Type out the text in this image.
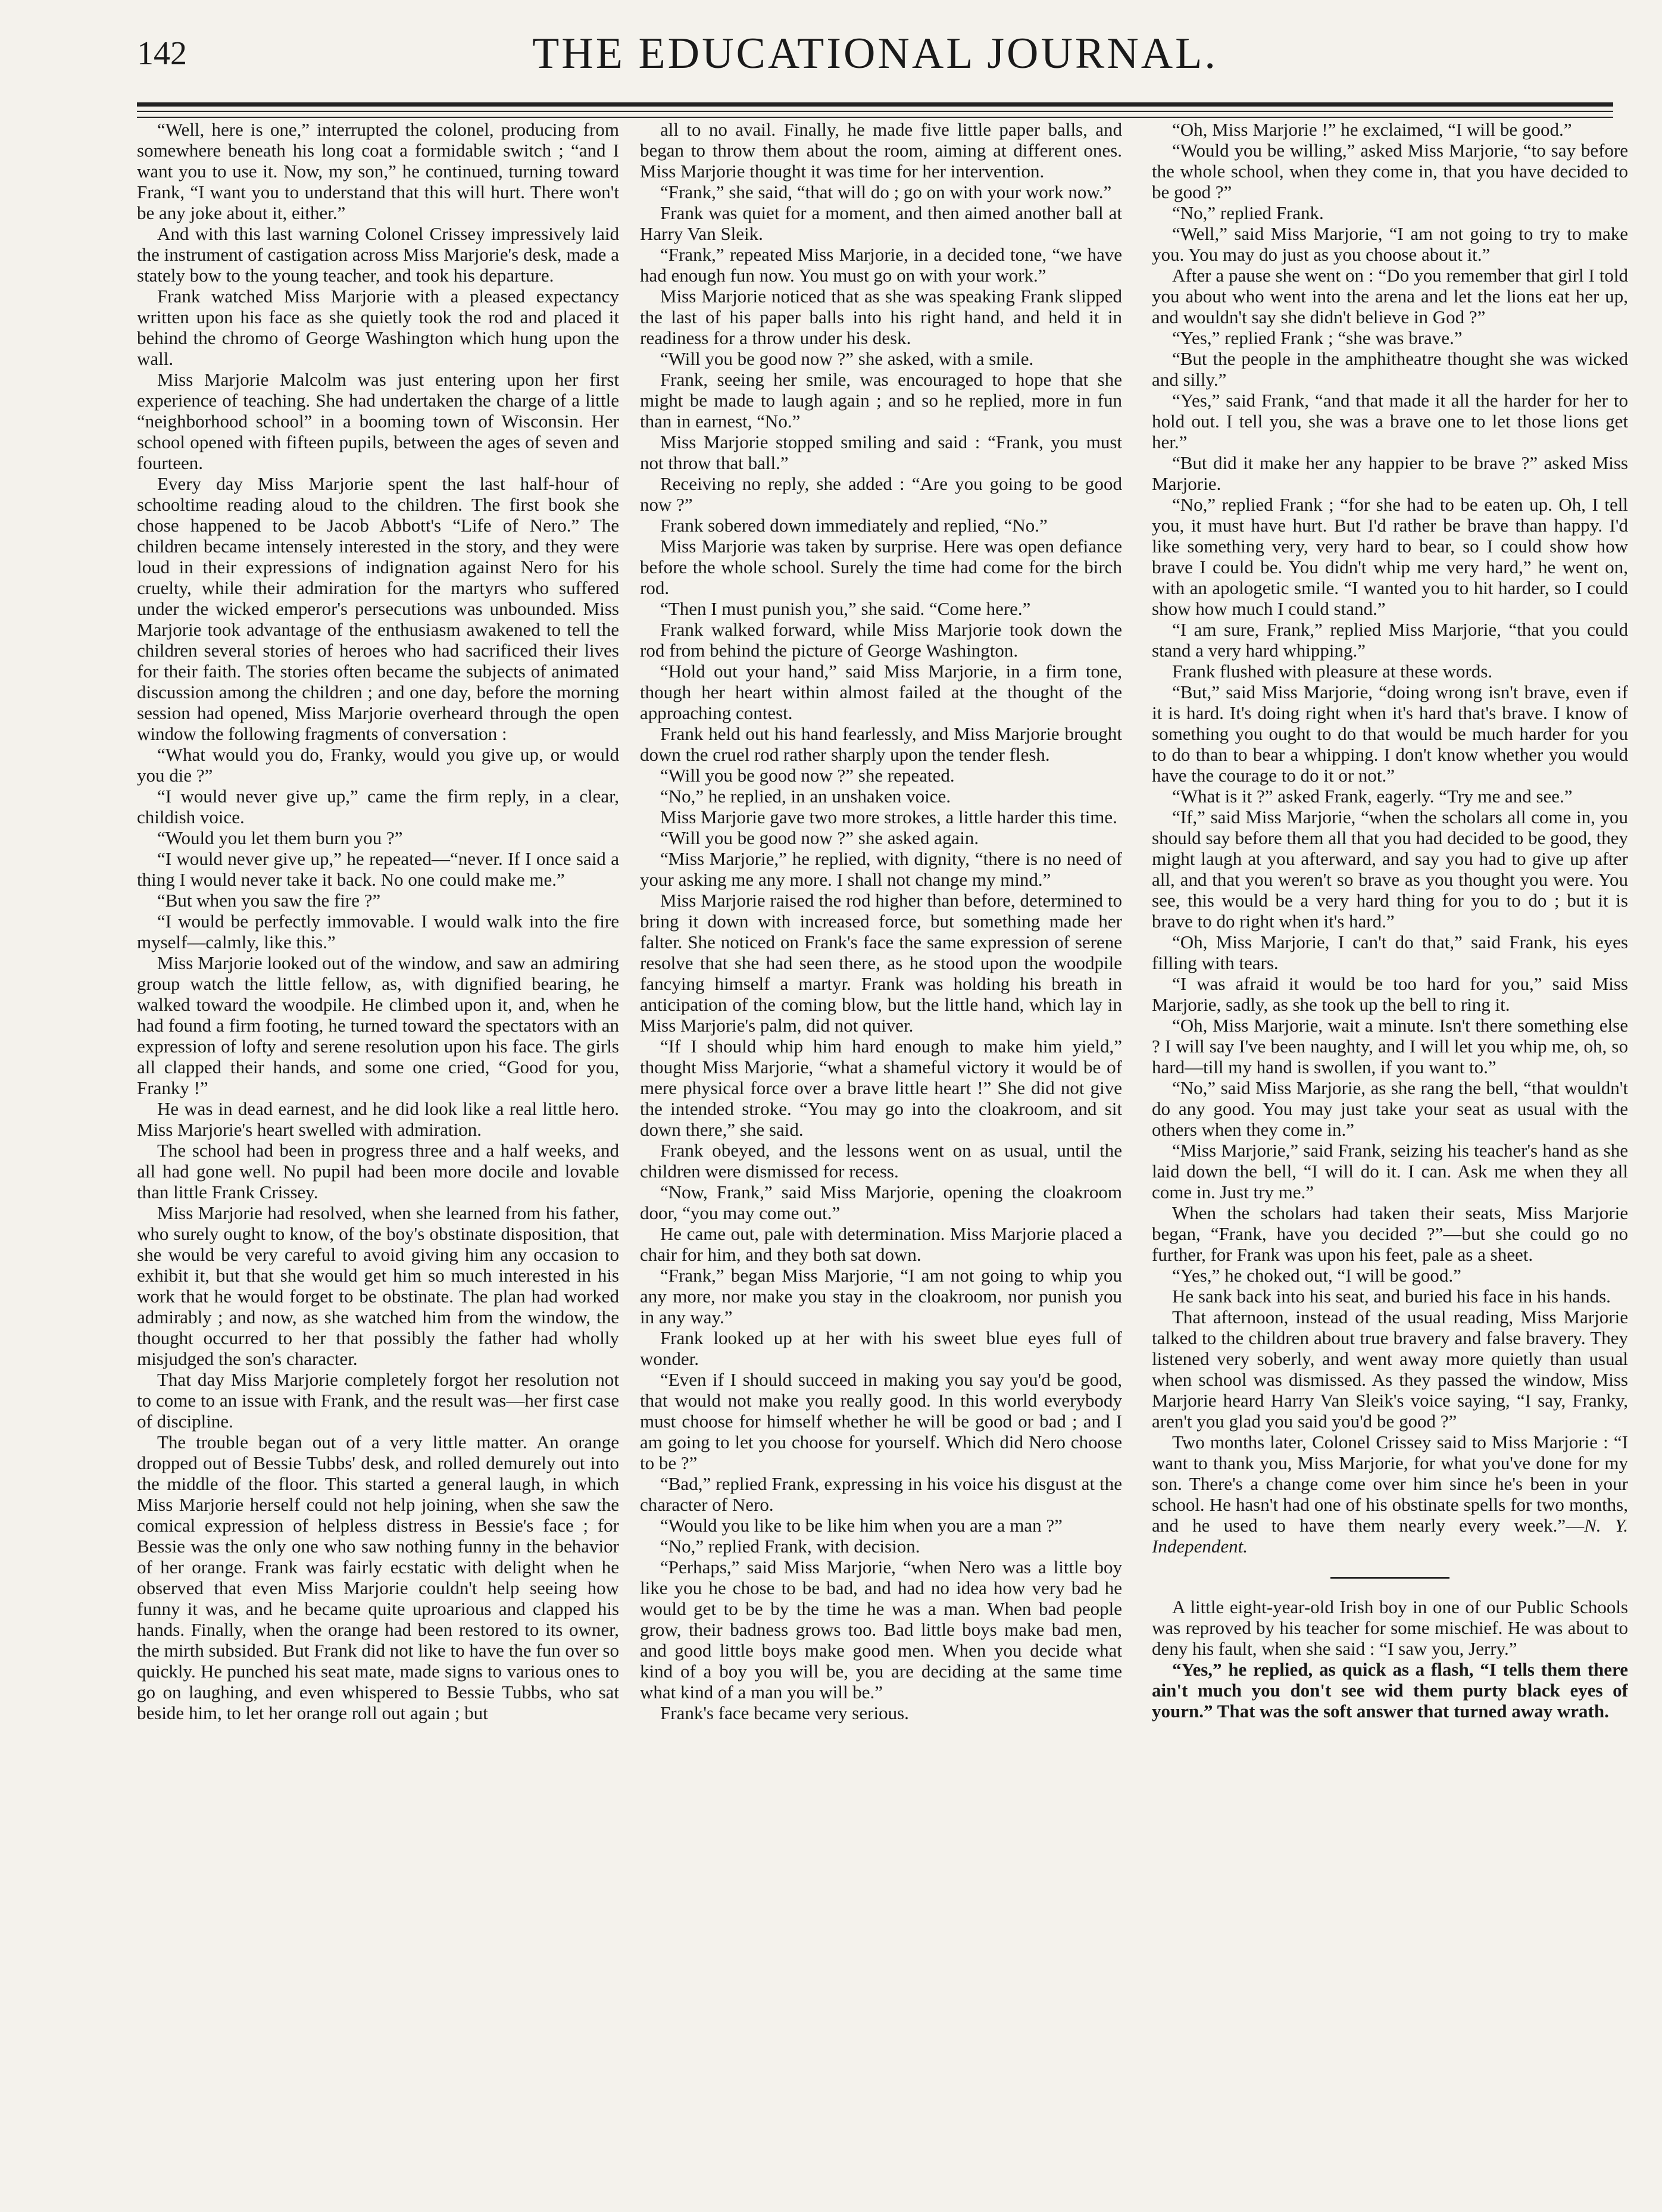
142	THE EDUCATIONAL JOURNAL.

“Well, here is one,” interrupted the colonel, producing from somewhere beneath his long coat a formidable switch ; “and I want you to use it. Now, my son,” he continued, turning toward Frank, “I want you to understand that this will hurt. There won't be any joke about it, either.”

And with this last warning Colonel Crissey impressively laid the instrument of castigation across Miss Marjorie's desk, made a stately bow to the young teacher, and took his departure.

Frank watched Miss Marjorie with a pleased expectancy written upon his face as she quietly took the rod and placed it behind the chromo of George Washington which hung upon the wall.

Miss Marjorie Malcolm was just entering upon her first experience of teaching. She had undertaken the charge of a little “neighborhood school” in a booming town of Wisconsin. Her school opened with fifteen pupils, between the ages of seven and fourteen.

Every day Miss Marjorie spent the last half-hour of schooltime reading aloud to the children. The first book she chose happened to be Jacob Abbott's “Life of Nero.” The children became intensely interested in the story, and they were loud in their expressions of indignation against Nero for his cruelty, while their admiration for the martyrs who suffered under the wicked emperor's persecutions was unbounded. Miss Marjorie took advantage of the enthusiasm awakened to tell the children several stories of heroes who had sacrificed their lives for their faith. The stories often became the subjects of animated discussion among the children ; and one day, before the morning session had opened, Miss Marjorie overheard through the open window the following fragments of conversation :

“What would you do, Franky, would you give up, or would you die ?”

“I would never give up,” came the firm reply, in a clear, childish voice.

“Would you let them burn you ?”

“I would never give up,” he repeated—“never. If I once said a thing I would never take it back. No one could make me.”

“But when you saw the fire ?”

“I would be perfectly immovable. I would walk into the fire myself—calmly, like this.”

Miss Marjorie looked out of the window, and saw an admiring group watch the little fellow, as, with dignified bearing, he walked toward the woodpile. He climbed upon it, and, when he had found a firm footing, he turned toward the spectators with an expression of lofty and serene resolution upon his face. The girls all clapped their hands, and some one cried, “Good for you, Franky !”

He was in dead earnest, and he did look like a real little hero. Miss Marjorie's heart swelled with admiration.

The school had been in progress three and a half weeks, and all had gone well. No pupil had been more docile and lovable than little Frank Crissey.

Miss Marjorie had resolved, when she learned from his father, who surely ought to know, of the boy's obstinate disposition, that she would be very careful to avoid giving him any occasion to exhibit it, but that she would get him so much interested in his work that he would forget to be obstinate. The plan had worked admirably ; and now, as she watched him from the window, the thought occurred to her that possibly the father had wholly misjudged the son's character.

That day Miss Marjorie completely forgot her resolution not to come to an issue with Frank, and the result was—her first case of discipline.

The trouble began out of a very little matter. An orange dropped out of Bessie Tubbs' desk, and rolled demurely out into the middle of the floor. This started a general laugh, in which Miss Marjorie herself could not help joining, when she saw the comical expression of helpless distress in Bessie's face ; for Bessie was the only one who saw nothing funny in the behavior of her orange. Frank was fairly ecstatic with delight when he observed that even Miss Marjorie couldn't help seeing how funny it was, and he became quite uproarious and clapped his hands. Finally, when the orange had been restored to its owner, the mirth subsided. But Frank did not like to have the fun over so quickly. He punched his seat mate, made signs to various ones to go on laughing, and even whispered to Bessie Tubbs, who sat beside him, to let her orange roll out again ; but

all to no avail. Finally, he made five little paper balls, and began to throw them about the room, aiming at different ones. Miss Marjorie thought it was time for her intervention.

“Frank,” she said, “that will do ; go on with your work now.”

Frank was quiet for a moment, and then aimed another ball at Harry Van Sleik.

“Frank,” repeated Miss Marjorie, in a decided tone, “we have had enough fun now. You must go on with your work.”

Miss Marjorie noticed that as she was speaking Frank slipped the last of his paper balls into his right hand, and held it in readiness for a throw under his desk.

“Will you be good now ?” she asked, with a smile.

Frank, seeing her smile, was encouraged to hope that she might be made to laugh again ; and so he replied, more in fun than in earnest, “No.”

Miss Marjorie stopped smiling and said : “Frank, you must not throw that ball.”

Receiving no reply, she added : “Are you going to be good now ?”

Frank sobered down immediately and replied, “No.”

Miss Marjorie was taken by surprise. Here was open defiance before the whole school. Surely the time had come for the birch rod.

“Then I must punish you,” she said. “Come here.”

Frank walked forward, while Miss Marjorie took down the rod from behind the picture of George Washington.

“Hold out your hand,” said Miss Marjorie, in a firm tone, though her heart within almost failed at the thought of the approaching contest.

Frank held out his hand fearlessly, and Miss Marjorie brought down the cruel rod rather sharply upon the tender flesh.

“Will you be good now ?” she repeated.

“No,” he replied, in an unshaken voice.

Miss Marjorie gave two more strokes, a little harder this time.

“Will you be good now ?” she asked again.

“Miss Marjorie,” he replied, with dignity, “there is no need of your asking me any more. I shall not change my mind.”

Miss Marjorie raised the rod higher than before, determined to bring it down with increased force, but something made her falter. She noticed on Frank's face the same expression of serene resolve that she had seen there, as he stood upon the woodpile fancying himself a martyr. Frank was holding his breath in anticipation of the coming blow, but the little hand, which lay in Miss Marjorie's palm, did not quiver.

“If I should whip him hard enough to make him yield,” thought Miss Marjorie, “what a shameful victory it would be of mere physical force over a brave little heart !” She did not give the intended stroke. “You may go into the cloakroom, and sit down there,” she said.

Frank obeyed, and the lessons went on as usual, until the children were dismissed for recess.

“Now, Frank,” said Miss Marjorie, opening the cloakroom door, “you may come out.”

He came out, pale with determination. Miss Marjorie placed a chair for him, and they both sat down.

“Frank,” began Miss Marjorie, “I am not going to whip you any more, nor make you stay in the cloakroom, nor punish you in any way.”

Frank looked up at her with his sweet blue eyes full of wonder.

“Even if I should succeed in making you say you'd be good, that would not make you really good. In this world everybody must choose for himself whether he will be good or bad ; and I am going to let you choose for yourself. Which did Nero choose to be ?”

“Bad,” replied Frank, expressing in his voice his disgust at the character of Nero.

“Would you like to be like him when you are a man ?”

“No,” replied Frank, with decision.

“Perhaps,” said Miss Marjorie, “when Nero was a little boy like you he chose to be bad, and had no idea how very bad he would get to be by the time he was a man. When bad people grow, their badness grows too. Bad little boys make bad men, and good little boys make good men. When you decide what kind of a boy you will be, you are deciding at the same time what kind of a man you will be.”

Frank's face became very serious.

“Oh, Miss Marjorie !” he exclaimed, “I will be good.”

“Would you be willing,” asked Miss Marjorie, “to say before the whole school, when they come in, that you have decided to be good ?”

“No,” replied Frank.

“Well,” said Miss Marjorie, “I am not going to try to make you. You may do just as you choose about it.”

After a pause she went on : “Do you remember that girl I told you about who went into the arena and let the lions eat her up, and wouldn't say she didn't believe in God ?”

“Yes,” replied Frank ; “she was brave.”

“But the people in the amphitheatre thought she was wicked and silly.”

“Yes,” said Frank, “and that made it all the harder for her to hold out. I tell you, she was a brave one to let those lions get her.”

“But did it make her any happier to be brave ?” asked Miss Marjorie.

“No,” replied Frank ; “for she had to be eaten up. Oh, I tell you, it must have hurt. But I'd rather be brave than happy. I'd like something very, very hard to bear, so I could show how brave I could be. You didn't whip me very hard,” he went on, with an apologetic smile. “I wanted you to hit harder, so I could show how much I could stand.”

“I am sure, Frank,” replied Miss Marjorie, “that you could stand a very hard whipping.”

Frank flushed with pleasure at these words.

“But,” said Miss Marjorie, “doing wrong isn't brave, even if it is hard. It's doing right when it's hard that's brave. I know of something you ought to do that would be much harder for you to do than to bear a whipping. I don't know whether you would have the courage to do it or not.”

“What is it ?” asked Frank, eagerly. “Try me and see.”

“If,” said Miss Marjorie, “when the scholars all come in, you should say before them all that you had decided to be good, they might laugh at you afterward, and say you had to give up after all, and that you weren't so brave as you thought you were. You see, this would be a very hard thing for you to do ; but it is brave to do right when it's hard.”

“Oh, Miss Marjorie, I can't do that,” said Frank, his eyes filling with tears.

“I was afraid it would be too hard for you,” said Miss Marjorie, sadly, as she took up the bell to ring it.

“Oh, Miss Marjorie, wait a minute. Isn't there something else ? I will say I've been naughty, and I will let you whip me, oh, so hard—till my hand is swollen, if you want to.”

“No,” said Miss Marjorie, as she rang the bell, “that wouldn't do any good. You may just take your seat as usual with the others when they come in.”

“Miss Marjorie,” said Frank, seizing his teacher's hand as she laid down the bell, “I will do it. I can. Ask me when they all come in. Just try me.”

When the scholars had taken their seats, Miss Marjorie began, “Frank, have you decided ?”—but she could go no further, for Frank was upon his feet, pale as a sheet.

“Yes,” he choked out, “I will be good.”

He sank back into his seat, and buried his face in his hands.

That afternoon, instead of the usual reading, Miss Marjorie talked to the children about true bravery and false bravery. They listened very soberly, and went away more quietly than usual when school was dismissed. As they passed the window, Miss Marjorie heard Harry Van Sleik's voice saying, “I say, Franky, aren't you glad you said you'd be good ?”

Two months later, Colonel Crissey said to Miss Marjorie : “I want to thank you, Miss Marjorie, for what you've done for my son. There's a change come over him since he's been in your school. He hasn't had one of his obstinate spells for two months, and he used to have them nearly every week.”—N. Y. Independent.

A little eight-year-old Irish boy in one of our Public Schools was reproved by his teacher for some mischief. He was about to deny his fault, when she said : “I saw you, Jerry.”

“Yes,” he replied, as quick as a flash, “I tells them there ain't much you don't see wid them purty black eyes of yourn.” That was the soft answer that turned away wrath.
